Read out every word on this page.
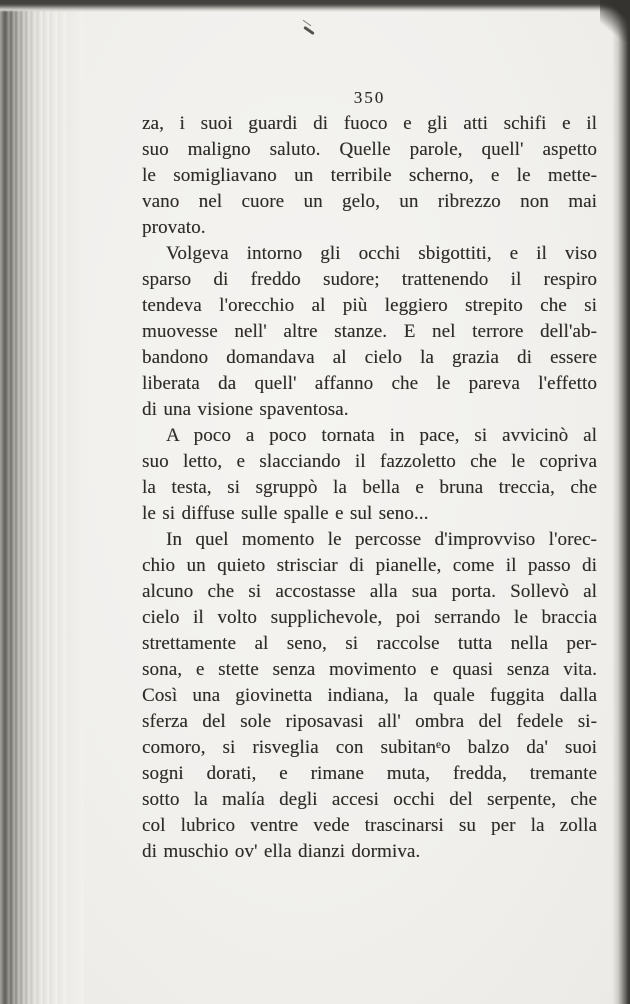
350
za, i suoi guardi di fuoco e gli atti schifi e il
suo maligno saluto. Quelle parole, quell' aspetto
le somigliavano un terribile scherno, e le mette-
vano nel cuore un gelo, un ribrezzo non mai
provato.
Volgeva intorno gli occhi sbigottiti, e il viso
sparso di freddo sudore; trattenendo il respiro
tendeva l'orecchio al più leggiero strepito che si
muovesse nell' altre stanze. E nel terrore dell'ab-
bandono domandava al cielo la grazia di essere
liberata da quell' affanno che le pareva l'effetto
di una visione spaventosa.
A poco a poco tornata in pace, si avvicinò al
suo letto, e slacciando il fazzoletto che le copriva
la testa, si sgruppò la bella e bruna treccia, che
le si diffuse sulle spalle e sul seno...
In quel momento le percosse d'improvviso l'orec-
chio un quieto strisciar di pianelle, come il passo di
alcuno che si accostasse alla sua porta. Sollevò al
cielo il volto supplichevole, poi serrando le braccia
strettamente al seno, si raccolse tutta nella per-
sona, e stette senza movimento e quasi senza vita.
Così una giovinetta indiana, la quale fuggita dalla
sferza del sole riposavasi all' ombra del fedele si-
comoro, si risveglia con subitanᵉo balzo da' suoi
sogni dorati, e rimane muta, fredda, tremante
sotto la malía degli accesi occhi del serpente, che
col lubrico ventre vede trascinarsi su per la zolla
di muschio ov' ella dianzi dormiva.
